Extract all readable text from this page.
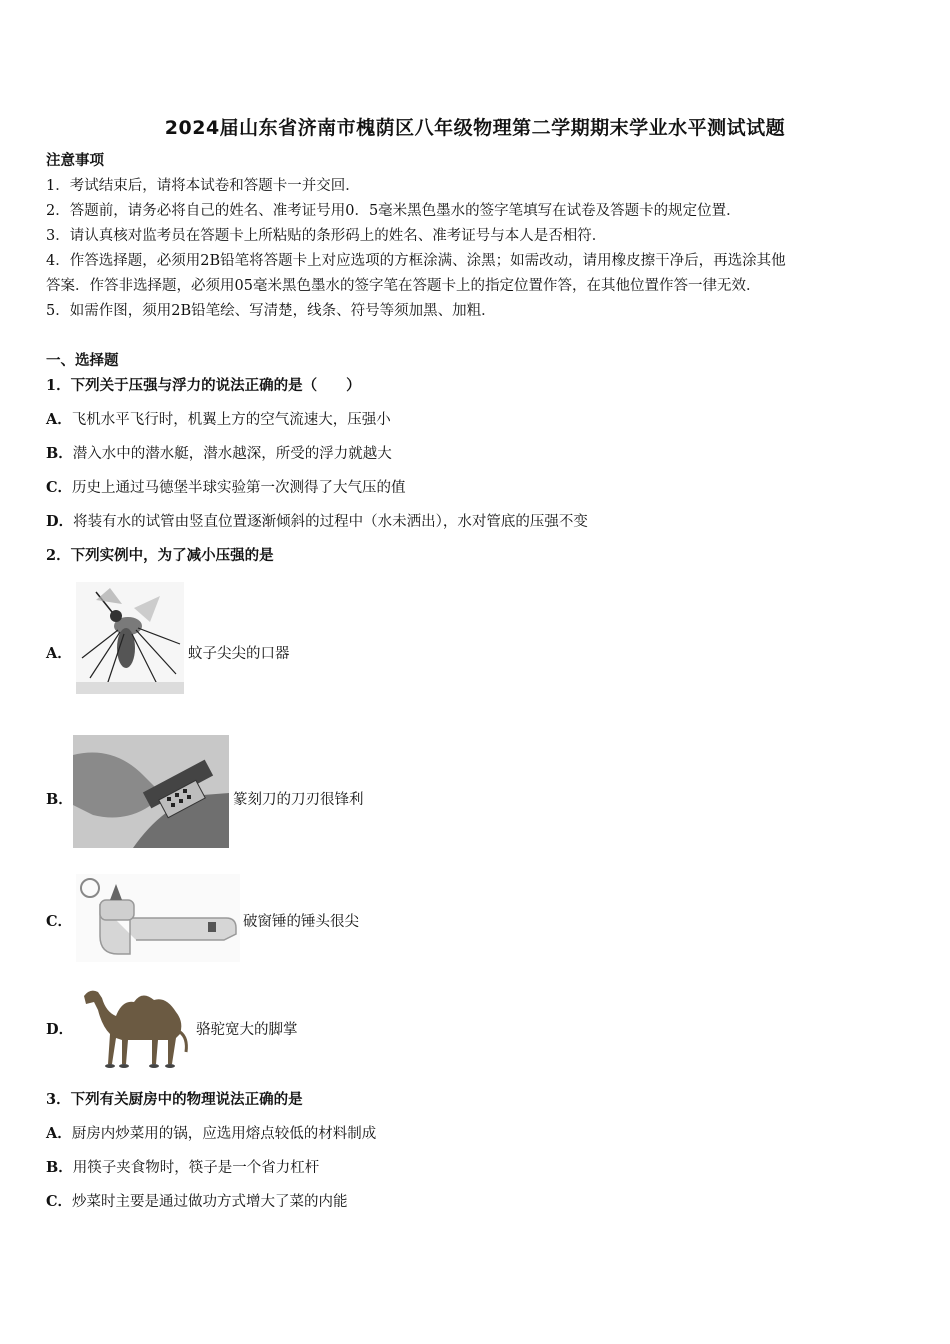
2024届山东省济南市槐荫区八年级物理第二学期期末学业水平测试试题
注意事项
1．考试结束后，请将本试卷和答题卡一并交回．
2．答题前，请务必将自己的姓名、准考证号用0．5毫米黑色墨水的签字笔填写在试卷及答题卡的规定位置．
3．请认真核对监考员在答题卡上所粘贴的条形码上的姓名、准考证号与本人是否相符．
4．作答选择题，必须用2B铅笔将答题卡上对应选项的方框涂满、涂黑；如需改动，请用橡皮擦干净后，再选涂其他
答案．作答非选择题，必须用05毫米黑色墨水的签字笔在答题卡上的指定位置作答，在其他位置作答一律无效．
5．如需作图，须用2B铅笔绘、写清楚，线条、符号等须加黑、加粗．
一、选择题
1．下列关于压强与浮力的说法正确的是（　　）
A．飞机水平飞行时，机翼上方的空气流速大，压强小
B．潜入水中的潜水艇，潜水越深，所受的浮力就越大
C．历史上通过马德堡半球实验第一次测得了大气压的值
D．将装有水的试管由竖直位置逐渐倾斜的过程中（水未洒出），水对管底的压强不变
2．下列实例中，为了减小压强的是
A．	蚊子尖尖的口器
B．	篆刻刀的刀刃很锋利
C．	破窗锤的锤头很尖
D．	骆驼宽大的脚掌
3．下列有关厨房中的物理说法正确的是
A．厨房内炒菜用的锅，应选用熔点较低的材料制成
B．用筷子夹食物时，筷子是一个省力杠杆
C．炒菜时主要是通过做功方式增大了菜的内能
